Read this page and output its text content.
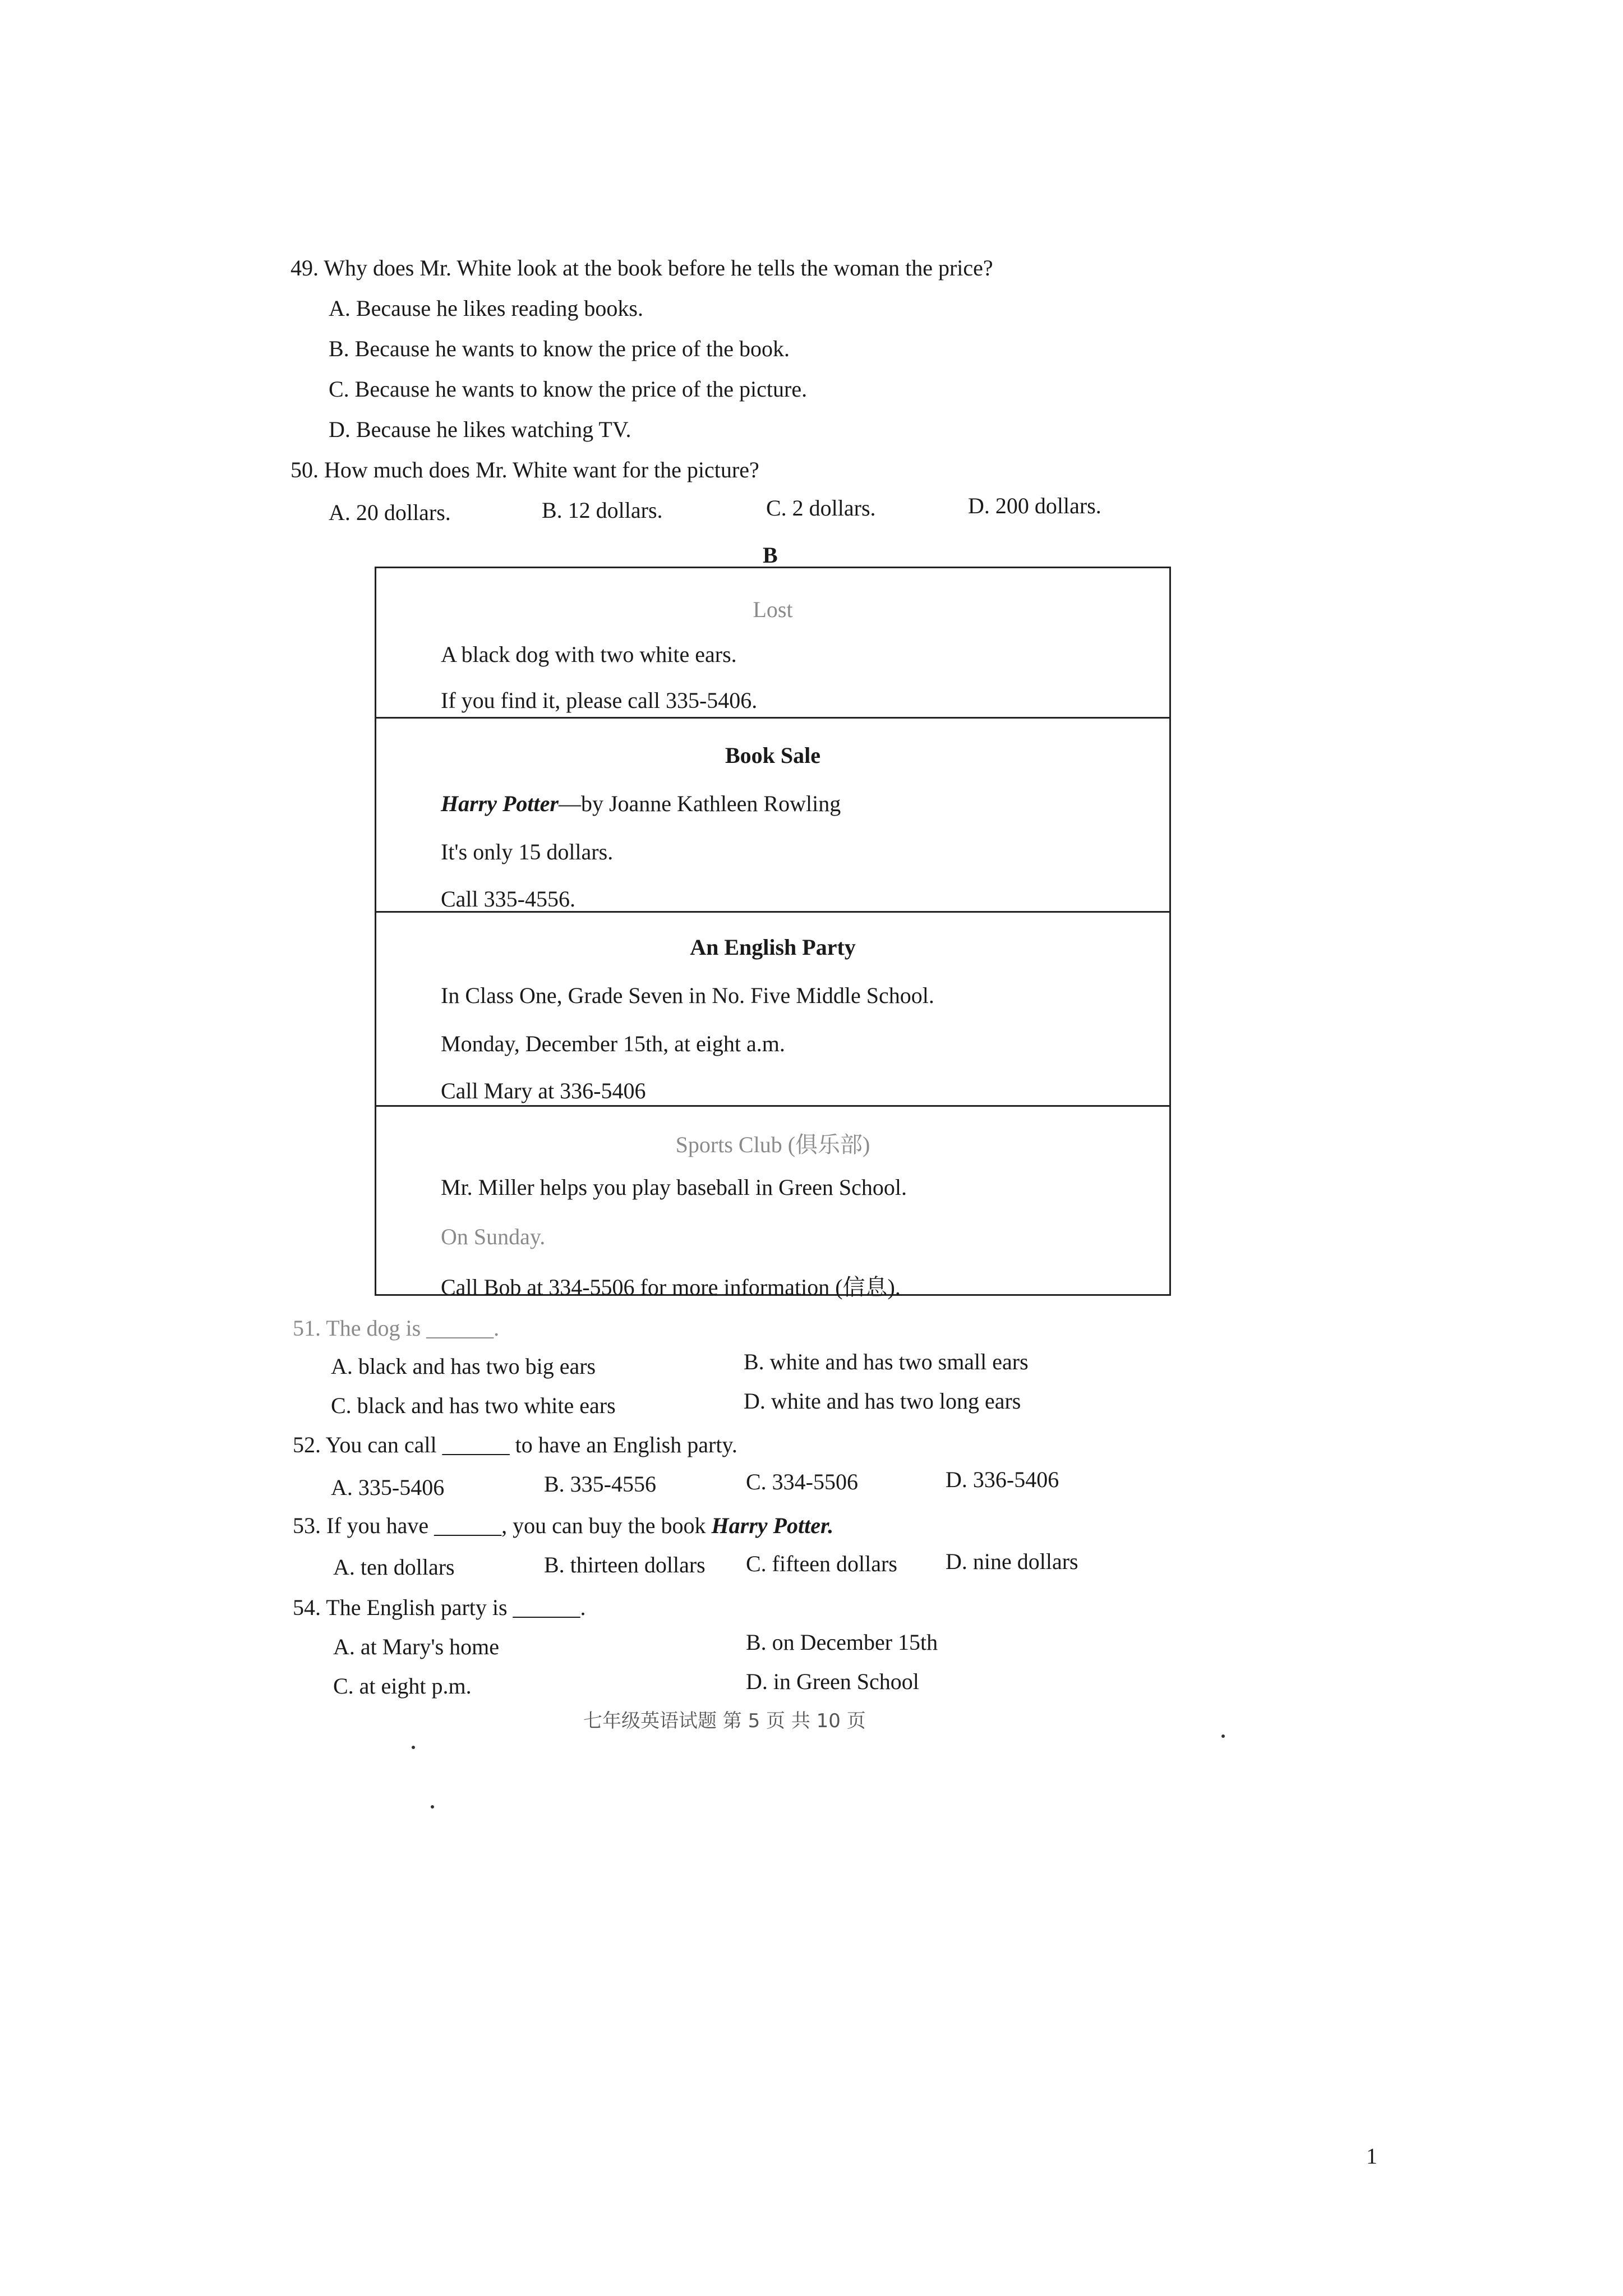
49. Why does Mr. White look at the book before he tells the woman the price?
A. Because he likes reading books.
B. Because he wants to know the price of the book.
C. Because he wants to know the price of the picture.
D. Because he likes watching TV.
50. How much does Mr. White want for the picture?
A. 20 dollars.	B. 12 dollars.	C. 2 dollars.	D. 200 dollars.
B
Lost
A black dog with two white ears.
If you find it, please call 335-5406.
Book Sale
Harry Potter—by Joanne Kathleen Rowling
It's only 15 dollars.
Call 335-4556.
An English Party
In Class One, Grade Seven in No. Five Middle School.
Monday, December 15th, at eight a.m.
Call Mary at 336-5406
Sports Club (俱乐部)
Mr. Miller helps you play baseball in Green School.
On Sunday.
Call Bob at 334-5506 for more information (信息).
51. The dog is ______.
A. black and has two big ears	B. white and has two small ears
C. black and has two white ears	D. white and has two long ears
52. You can call ______ to have an English party.
A. 335-5406	B. 335-4556	C. 334-5506	D. 336-5406
53. If you have ______, you can buy the book Harry Potter.
A. ten dollars	B. thirteen dollars C. fifteen dollars D. nine dollars
54. The English party is ______.
A. at Mary's home	B. on December 15th
C. at eight p.m.	D. in Green School
七年级英语试题 第 5 页 共 10 页
1
